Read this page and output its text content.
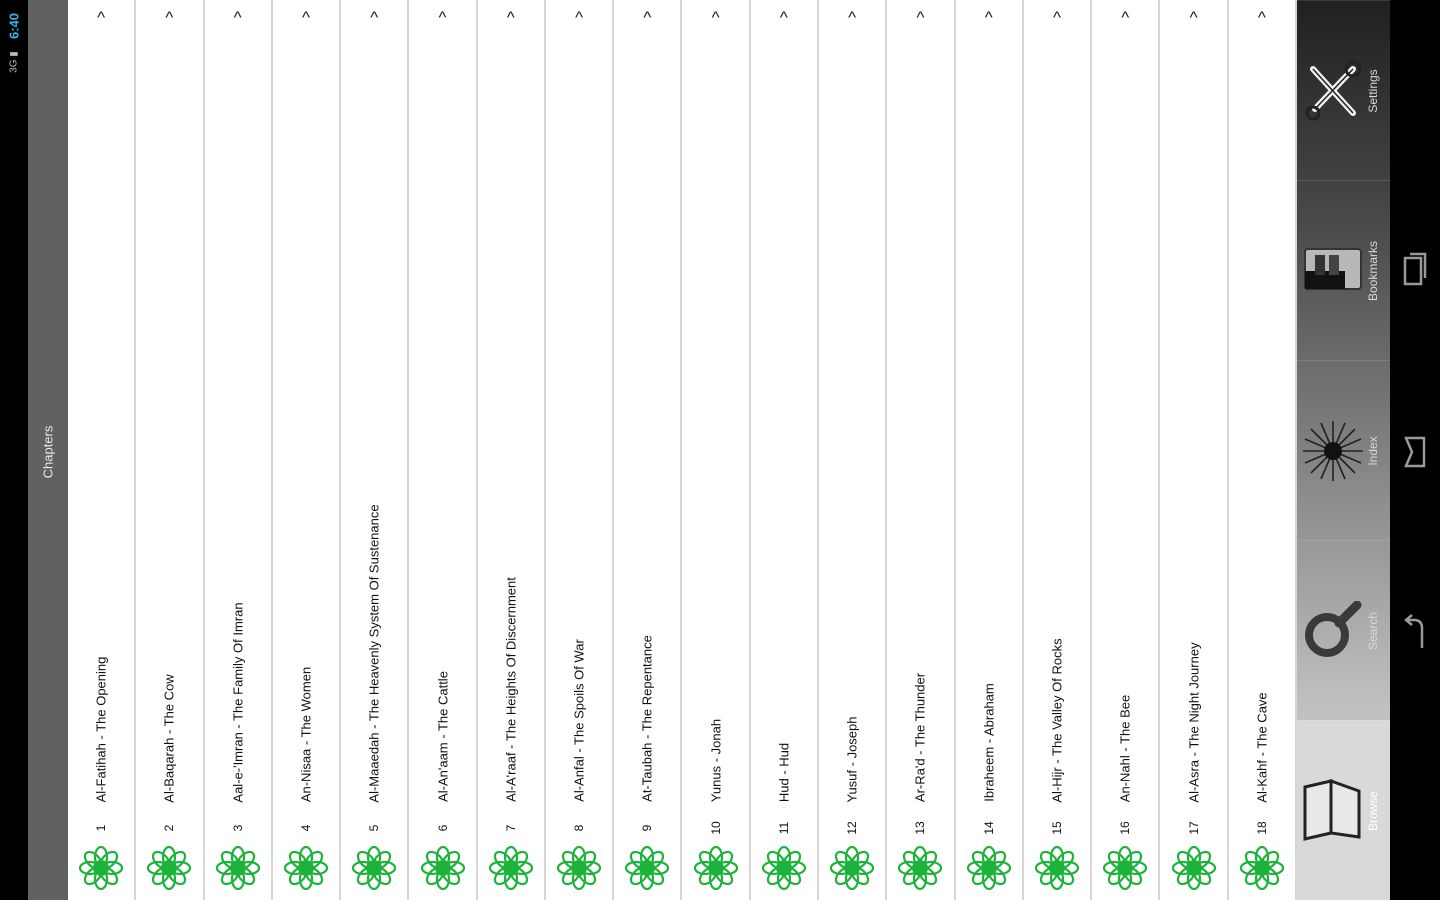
6:40
3G ▮
Chapters
^
Al-Fatihah - The Opening
1
^
Al-Baqarah - The Cow
2
^
Aal-e-'Imran - The Family Of Imran
3
^
An-Nisaa - The Women
4
^
Al-Maaedah - The Heavenly System Of Sustenance
5
^
Al-An'aam - The Cattle
6
^
Al-A'raaf - The Heights Of Discernment
7
^
Al-Anfal - The Spoils Of War
8
^
At-Taubah - The Repentance
9
^
Yunus - Jonah
10
^
Hud - Hud
11
^
Yusuf - Joseph
12
^
Ar-Ra'd - The Thunder
13
^
Ibraheem - Abraham
14
^
Al-Hijr - The Valley Of Rocks
15
^
An-Nahl - The Bee
16
^
Al-Asra - The Night Journey
17
^
Al-Kahf - The Cave
18
Settings
Bookmarks
Index
Search
Browse
